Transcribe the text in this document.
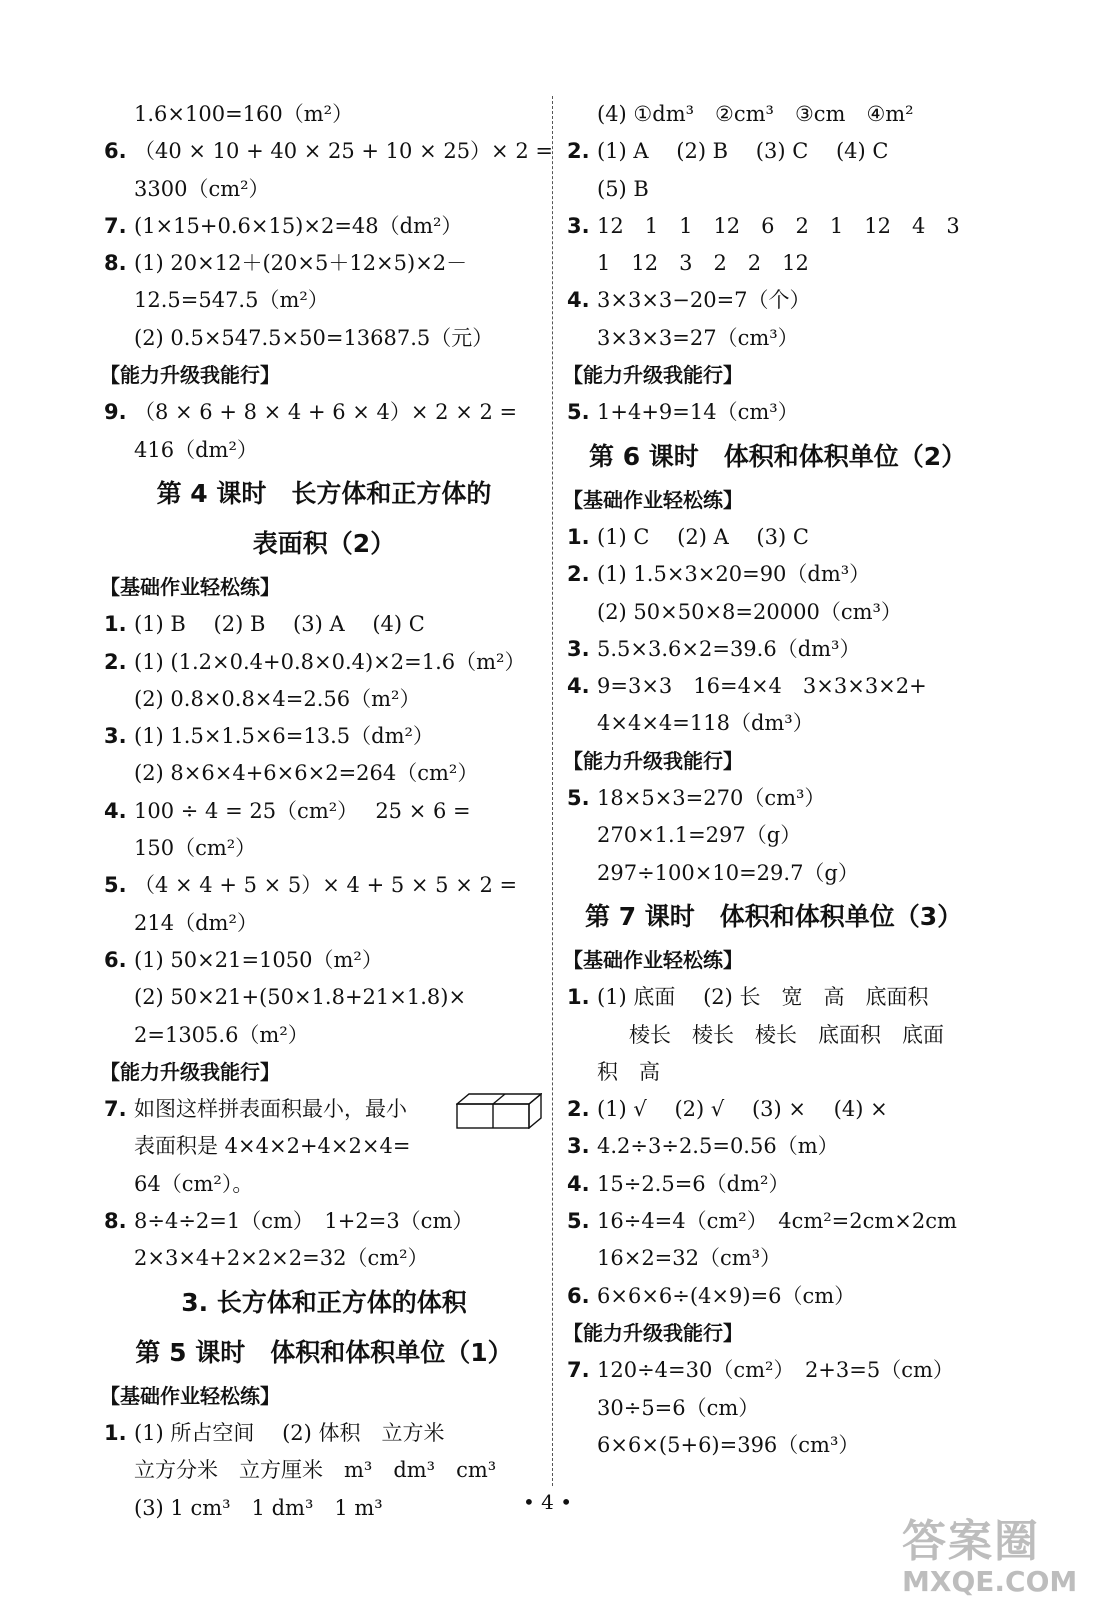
1.6×100=160（m²）
6. （40 × 10 + 40 × 25 + 10 × 25）× 2 =
3300（cm²）
7. (1×15+0.6×15)×2=48（dm²）
8. (1) 20×12＋(20×5＋12×5)×2－
12.5=547.5（m²）
(2) 0.5×547.5×50=13687.5（元）
【能力升级我能行】
9. （8 × 6 + 8 × 4 + 6 × 4）× 2 × 2 =
416（dm²）
第 4 课时　长方体和正方体的
表面积（2）
【基础作业轻松练】
1. (1) B　 (2) B　 (3) A　 (4) C
2. (1) (1.2×0.4+0.8×0.4)×2=1.6（m²）
(2) 0.8×0.8×4=2.56（m²）
3. (1) 1.5×1.5×6=13.5（dm²）
(2) 8×6×4+6×6×2=264（cm²）
4. 100 ÷ 4 = 25（cm²）　 25 × 6 =
150（cm²）
5. （4 × 4 + 5 × 5）× 4 + 5 × 5 × 2 =
214（dm²）
6. (1) 50×21=1050（m²）
(2) 50×21+(50×1.8+21×1.8)×
2=1305.6（m²）
【能力升级我能行】
7. 如图这样拼表面积最小，最小
表面积是 4×4×2+4×2×4=
64（cm²）。
8. 8÷4÷2=1（cm）　1+2=3（cm）
2×3×4+2×2×2=32（cm²）
3. 长方体和正方体的体积
第 5 课时　体积和体积单位（1）
【基础作业轻松练】
1. (1) 所占空间　 (2) 体积　立方米
立方分米　立方厘米　m³　dm³　cm³
(3) 1 cm³　1 dm³　1 m³
(4) ①dm³　②cm³　③cm　④m²
2. (1) A　 (2) B　 (3) C　 (4) C
(5) B
3. 12　1　1　12　6　2　1　12　4　3
1　12　3　2　2　12
4. 3×3×3−20=7（个）
3×3×3=27（cm³）
【能力升级我能行】
5. 1+4+9=14（cm³）
第 6 课时　体积和体积单位（2）
【基础作业轻松练】
1. (1) C　 (2) A　 (3) C
2. (1) 1.5×3×20=90（dm³）
(2) 50×50×8=20000（cm³）
3. 5.5×3.6×2=39.6（dm³）
4. 9=3×3　16=4×4　3×3×3×2+
4×4×4=118（dm³）
【能力升级我能行】
5. 18×5×3=270（cm³）
270×1.1=297（g）
297÷100×10=29.7（g）
第 7 课时　体积和体积单位（3）
【基础作业轻松练】
1. (1) 底面　 (2) 长　宽　高　底面积
棱长　棱长　棱长　底面积　底面
积　高
2. (1) √　 (2) √　 (3) ×　 (4) ×
3. 4.2÷3÷2.5=0.56（m）
4. 15÷2.5=6（dm²）
5. 16÷4=4（cm²）　4cm²=2cm×2cm
16×2=32（cm³）
6. 6×6×6÷(4×9)=6（cm）
【能力升级我能行】
7. 120÷4=30（cm²）　2+3=5（cm）
30÷5=6（cm）
6×6×(5+6)=396（cm³）
• 4 •
答案圈
MXQE.COM
